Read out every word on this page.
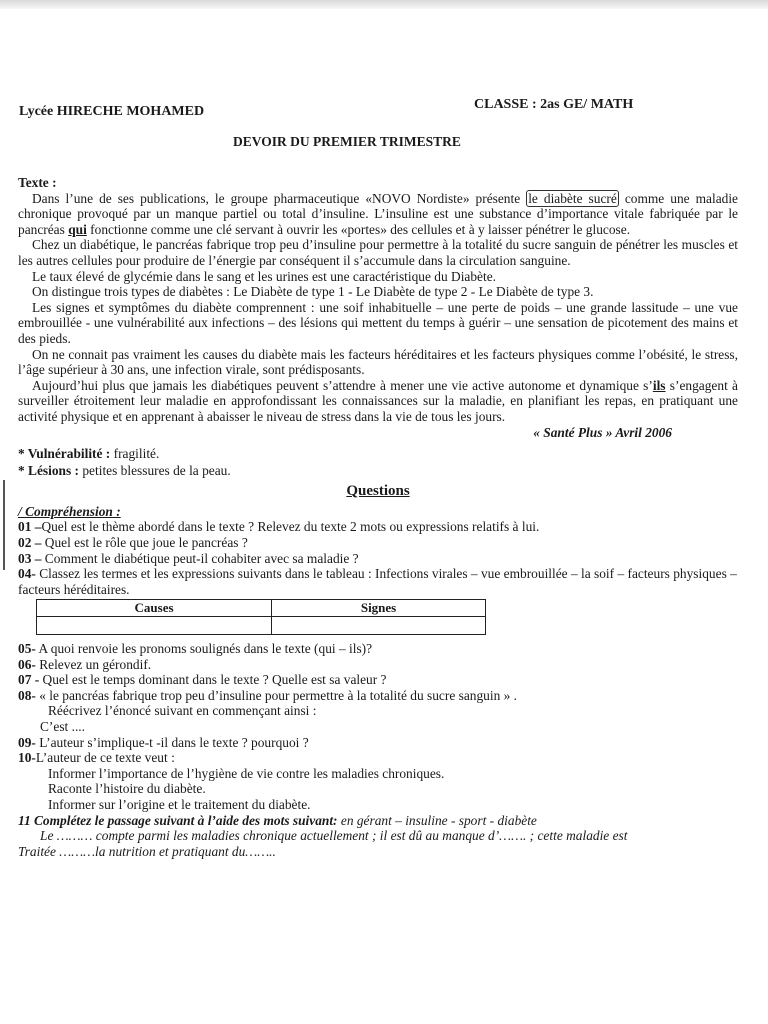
Lycée HIRECHE MOHAMED	CLASSE : 2as GE/ MATH
DEVOIR DU PREMIER TRIMESTRE
Texte :

Dans l’une de ses publications, le groupe pharmaceutique «NOVO Nordiste» présente le diabète sucré comme une maladie chronique provoqué par un manque partiel ou total d’insuline. L’insuline est une substance d’importance vitale fabriquée par le pancréas qui fonctionne comme une clé servant à ouvrir les «portes» des cellules et à y laisser pénétrer le glucose.

Chez un diabétique, le pancréas fabrique trop peu d’insuline pour permettre à la totalité du sucre sanguin de pénétrer les muscles et les autres cellules pour produire de l’énergie par conséquent il s’accumule dans la circulation sanguine.

Le taux élevé de glycémie dans le sang et les urines est une caractéristique du Diabète.

On distingue trois types de diabètes : Le Diabète de type 1 - Le Diabète de type 2 - Le Diabète de type 3.

Les signes et symptômes du diabète comprennent : une soif inhabituelle – une perte de poids – une grande lassitude – une vue embrouillée - une vulnérabilité aux infections – des lésions qui mettent du temps à guérir – une sensation de picotement des mains et des pieds.

On ne connait pas vraiment les causes du diabète mais les facteurs héréditaires et les facteurs physiques comme l’obésité, le stress, l’âge supérieur à 30 ans, une infection virale, sont prédisposants.

Aujourd’hui plus que jamais les diabétiques peuvent s’attendre à mener une vie active autonome et dynamique s’ils s’engagent à surveiller étroitement leur maladie en approfondissant les connaissances sur la maladie, en planifiant les repas, en pratiquant une activité physique et en apprenant à abaisser le niveau de stress dans la vie de tous les jours.

« Santé Plus » Avril 2006
* Vulnérabilité : fragilité.
* Lésions : petites blessures de la peau.
Questions
/ Compréhension :

01 –Quel est le thème abordé dans le texte ? Relevez du texte 2 mots ou expressions relatifs à lui.

02 – Quel est le rôle que joue le pancréas ?

03 – Comment le diabétique peut-il cohabiter avec sa maladie ?

04- Classez les termes et les expressions suivants dans le tableau : Infections virales – vue embrouillée – la soif – facteurs physiques – facteurs héréditaires.

Causes	Signes

05- A quoi renvoie les pronoms soulignés dans le texte (qui – ils)?

06- Relevez un gérondif.

07 - Quel est le temps dominant dans le texte ? Quelle est sa valeur ?

08- « le pancréas fabrique trop peu d’insuline pour permettre à la totalité du sucre sanguin » .

Réécrivez l’énoncé suivant en commençant ainsi :

C’est ....

09- L’auteur s’implique-t -il dans le texte ? pourquoi ?

10-L’auteur de ce texte veut :

Informer l’importance de l’hygiène de vie contre les maladies chroniques.

Raconte l’histoire du diabète.

Informer sur l’origine et le traitement du diabète.

11 Complétez le passage suivant à l’aide des mots suivant: en gérant – insuline - sport - diabète

Le ……… compte parmi les maladies chronique actuellement ; il est dû au manque d’……. ; cette maladie est

Traitée ………la nutrition et pratiquant du……..
